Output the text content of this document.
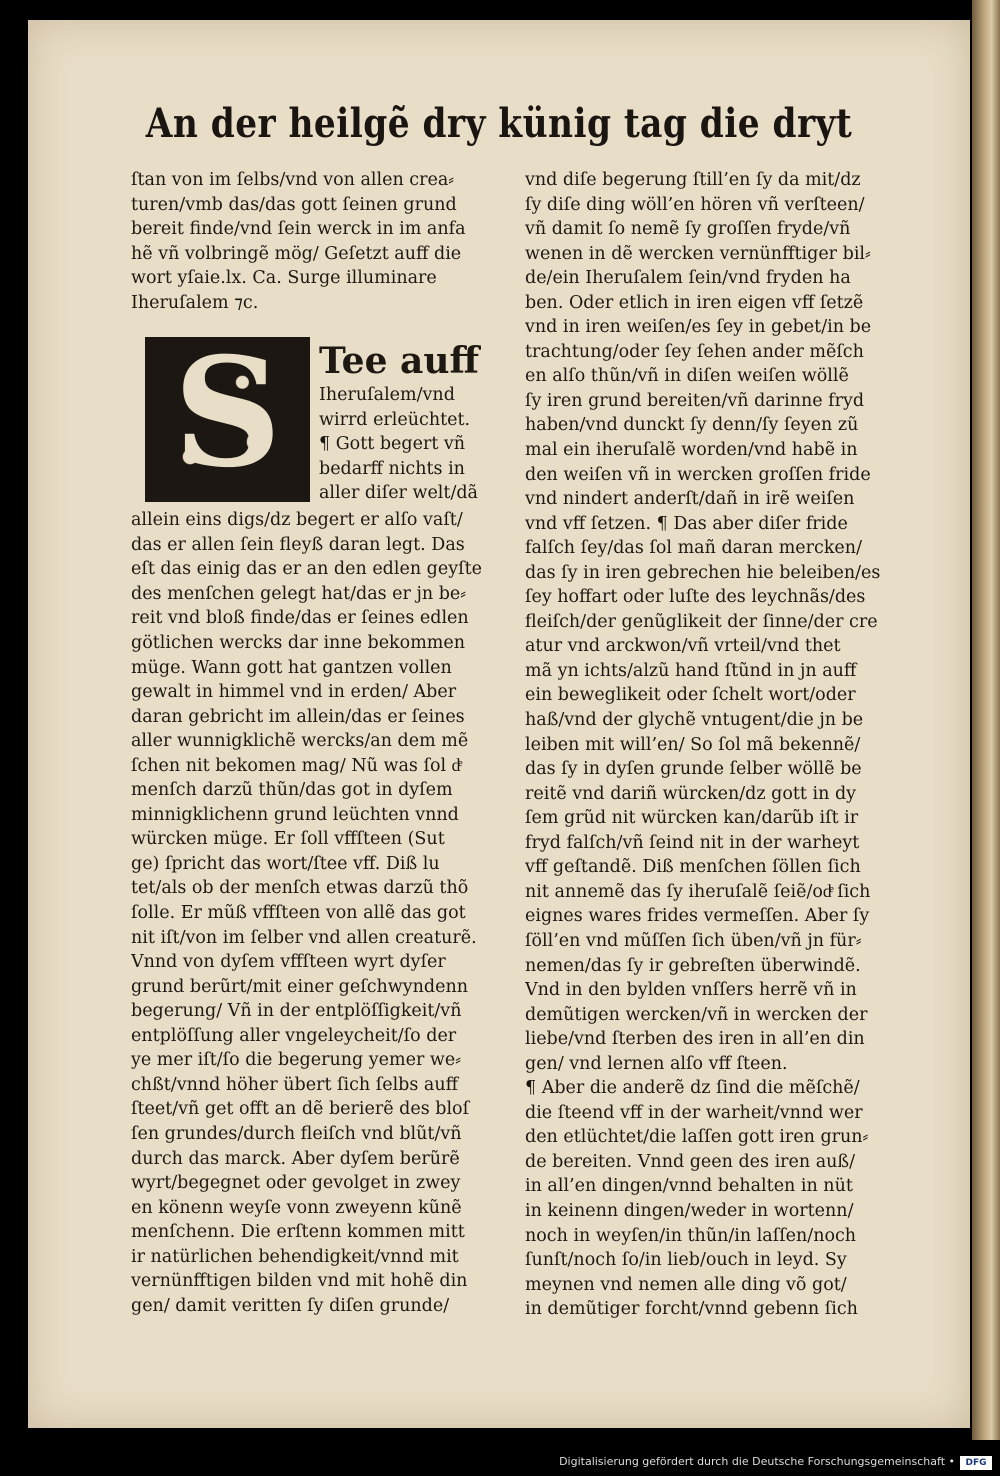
An der heilgẽ dry künig tag die dryt
ſtan von im ſelbs/vnd von allen crea⸗
turen/vmb das/das gott ſeinen grund
bereit finde/vnd ſein werck in im anfa
hẽ vñ volbringẽ mög/ Geſetzt auff die
wort yſaie.lx. Ca. Surge illuminare
Iheruſalem ⁊c.
S	Tee auff
Iheruſalem/vnd
wirrd erleüchtet.
¶ Gott begert vñ
bedarff nichts in
aller diſer welt/dã
allein eins digs/dz begert er alſo vaſt/
das er allen ſein fleyß daran legt. Das
eſt das einig das er an den edlen geyſte
des menſchen gelegt hat/das er jn be⸗
reit vnd bloß finde/das er ſeines edlen
götlichen wercks dar inne bekommen
müge. Wann gott hat gantzen vollen
gewalt in himmel vnd in erden/ Aber
daran gebricht im allein/das er ſeines
aller wunnigklichẽ wercks/an dem mẽ
ſchen nit bekomen mag/ Nũ was ſol dͤ
menſch darzũ thũn/das got in dyſem
minnigklichenn grund leüchten vnnd
würcken müge. Er ſoll vffſteen (Sut
ge) ſpricht das wort/ſtee vff. Diß lu
tet/als ob der menſch etwas darzũ thõ
ſolle. Er mũß vffſteen von allẽ das got
nit iſt/von im ſelber vnd allen creaturẽ.
Vnnd von dyſem vffſteen wyrt dyſer
grund berũrt/mit einer geſchwyndenn
begerung/ Vñ in der entplöſſigkeit/vñ
entplöſſung aller vngeleycheit/ſo der
ye mer iſt/ſo die begerung yemer we⸗
chßt/vnnd höher übert ſich ſelbs auff
ſteet/vñ get offt an dẽ berierẽ des bloſ
ſen grundes/durch fleiſch vnd blũt/vñ
durch das marck. Aber dyſem berũrẽ
wyrt/begegnet oder gevolget in zwey
en könenn weyſe vonn zweyenn kũnẽ
menſchenn. Die erſtenn kommen mitt
ir natürlichen behendigkeit/vnnd mit
vernünfftigen bilden vnd mit hohẽ din
gen/ damit veritten ſy diſen grunde/
vnd diſe begerung ſtill’en ſy da mit/dz
ſy diſe ding wöll’en hören vñ verſteen/
vñ damit ſo nemẽ ſy groſſen fryde/vñ
wenen in dẽ wercken vernünfftiger bil⸗
de/ein Iheruſalem ſein/vnd fryden ha
ben. Oder etlich in iren eigen vff ſetzẽ
vnd in iren weiſen/es ſey in gebet/in be
trachtung/oder ſey ſehen ander mẽſch
en alſo thũn/vñ in diſen weiſen wöllẽ
ſy iren grund bereiten/vñ darinne fryd
haben/vnd dunckt ſy denn/ſy ſeyen zũ
mal ein iheruſalẽ worden/vnd habẽ in
den weiſen vñ in wercken groſſen fride
vnd nindert anderſt/dañ in irẽ weiſen
vnd vff ſetzen. ¶ Das aber diſer fride
falſch ſey/das ſol mañ daran mercken/
das ſy in iren gebrechen hie beleiben/es
ſey hoffart oder luſte des leychnãs/des
fleiſch/der genũglikeit der ſinne/der cre
atur vnd arckwon/vñ vrteil/vnd thet
mã yn ichts/alzũ hand ſtũnd in jn auff
ein beweglikeit oder ſchelt wort/oder
haß/vnd der glychẽ vntugent/die jn be
leiben mit will’en/ So ſol mã bekennẽ/
das ſy in dyſen grunde ſelber wöllẽ be
reitẽ vnd dariñ würcken/dz gott in dy
ſem grũd nit würcken kan/darũb iſt ir
fryd falſch/vñ ſeind nit in der warheyt
vff geſtandẽ. Diß menſchen ſöllen ſich
nit annemẽ das ſy iheruſalẽ ſeiẽ/odͤ ſich
eignes wares frides vermeſſen. Aber ſy
ſöll’en vnd mũſſen ſich üben/vñ jn für⸗
nemen/das ſy ir gebreſten überwindẽ.
Vnd in den bylden vnſſers herrẽ vñ in
demũtigen wercken/vñ in wercken der
liebe/vnd ſterben des iren in all’en din
gen/ vnd lernen alſo vff ſteen.
¶ Aber die anderẽ dz ſind die mẽſchẽ/
die ſteend vff in der warheit/vnnd wer
den etlüchtet/die laſſen gott iren grun⸗
de bereiten. Vnnd geen des iren auß/
in all’en dingen/vnnd behalten in nüt
in keinenn dingen/weder in wortenn/
noch in weyſen/in thũn/in laſſen/noch
ſunſt/noch ſo/in lieb/ouch in leyd. Sy
meynen vnd nemen alle ding võ got/
in demũtiger forcht/vnnd gebenn ſich
Digitalisierung gefördert durch die Deutsche Forschungsgemeinschaft •	DFG
